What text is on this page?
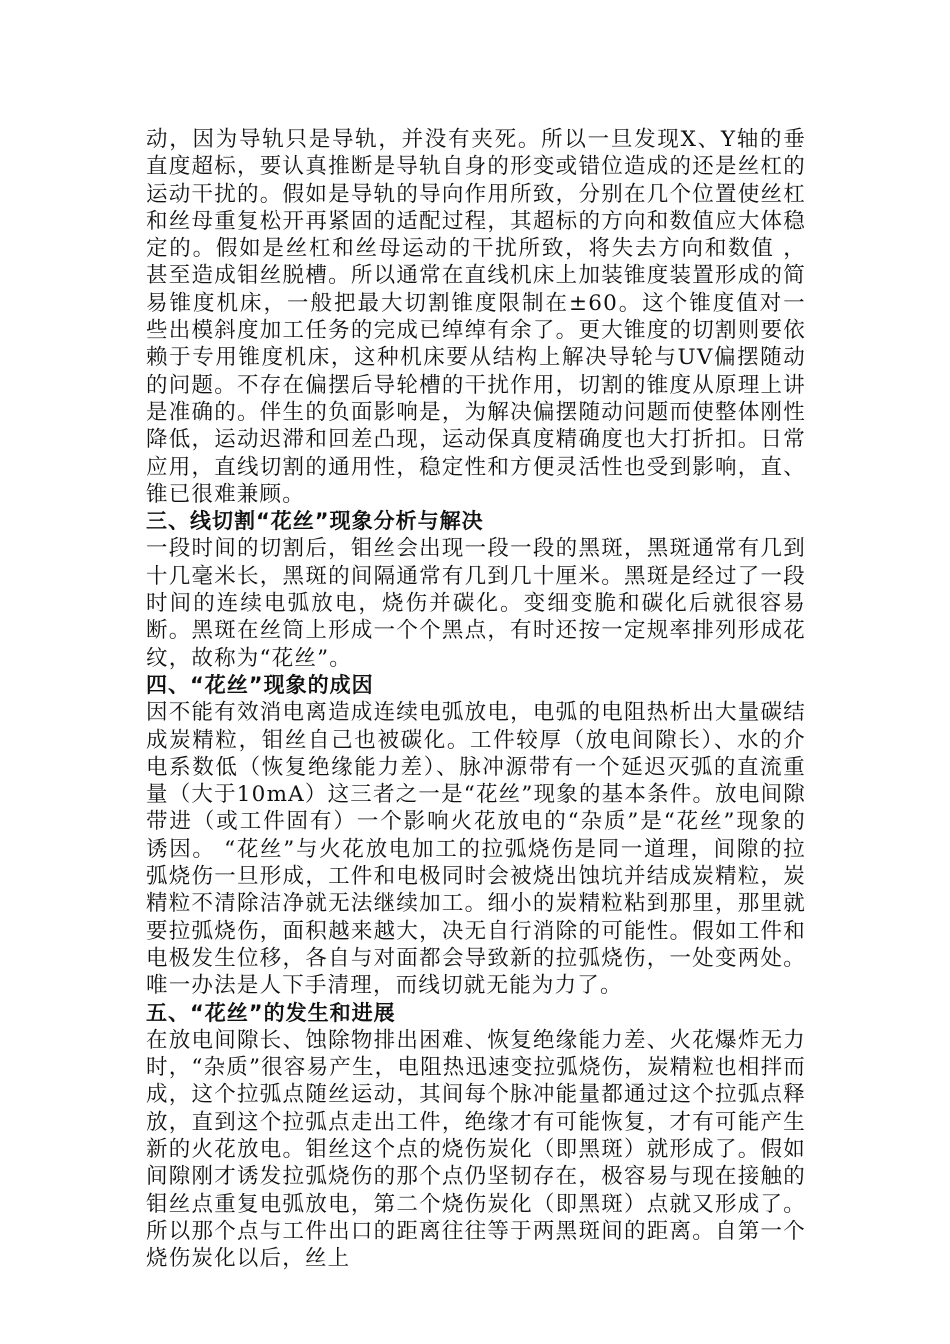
动，因为导轨只是导轨，并没有夹死。所以一旦发现X、Y轴的垂直度超标，要认真推断是导轨自身的形变或错位造成的还是丝杠的运动干扰的。假如是导轨的导向作用所致，分别在几个位置使丝杠和丝母重复松开再紧固的适配过程，其超标的方向和数值应大体稳定的。假如是丝杠和丝母运动的干扰所致，将失去方向和数值 ，甚至造成钼丝脱槽。所以通常在直线机床上加装锥度装置形成的简易锥度机床，一般把最大切割锥度限制在±60。这个锥度值对一些出模斜度加工任务的完成已绰绰有余了。更大锥度的切割则要依赖于专用锥度机床，这种机床要从结构上解决导轮与UV偏摆随动的问题。不存在偏摆后导轮槽的干扰作用，切割的锥度从原理上讲是准确的。伴生的负面影响是，为解决偏摆随动问题而使整体刚性降低，运动迟滞和回差凸现，运动保真度精确度也大打折扣。日常应用，直线切割的通用性，稳定性和方便灵活性也受到影响，直、锥已很难兼顾。

三、线切割“花丝”现象分析与解决

一段时间的切割后，钼丝会出现一段一段的黑斑，黑斑通常有几到十几毫米长，黑斑的间隔通常有几到几十厘米。黑斑是经过了一段时间的连续电弧放电，烧伤并碳化。变细变脆和碳化后就很容易断。黑斑在丝筒上形成一个个黑点，有时还按一定规率排列形成花纹，故称为“花丝”。

四、“花丝”现象的成因

因不能有效消电离造成连续电弧放电，电弧的电阻热析出大量碳结成炭精粒，钼丝自己也被碳化。工件较厚（放电间隙长）、水的介电系数低（恢复绝缘能力差）、脉冲源带有一个延迟灭弧的直流重量（大于10mA）这三者之一是“花丝”现象的基本条件。放电间隙带进（或工件固有）一个影响火花放电的“杂质”是“花丝”现象的诱因。 “花丝”与火花放电加工的拉弧烧伤是同一道理，间隙的拉弧烧伤一旦形成，工件和电极同时会被烧出蚀坑并结成炭精粒，炭精粒不清除洁净就无法继续加工。细小的炭精粒粘到那里，那里就要拉弧烧伤，面积越来越大，决无自行消除的可能性。假如工件和电极发生位移，各自与对面都会导致新的拉弧烧伤，一处变两处。唯一办法是人下手清理，而线切就无能为力了。

五、“花丝”的发生和进展

在放电间隙长、蚀除物排出困难、恢复绝缘能力差、火花爆炸无力时，“杂质”很容易产生，电阻热迅速变拉弧烧伤，炭精粒也相拌而成，这个拉弧点随丝运动，其间每个脉冲能量都通过这个拉弧点释放，直到这个拉弧点走出工件，绝缘才有可能恢复，才有可能产生新的火花放电。钼丝这个点的烧伤炭化（即黑斑）就形成了。假如间隙刚才诱发拉弧烧伤的那个点仍坚韧存在，极容易与现在接触的钼丝点重复电弧放电，第二个烧伤炭化（即黑斑）点就又形成了。所以那个点与工件出口的距离往往等于两黑斑间的距离。自第一个烧伤炭化以后，丝上
